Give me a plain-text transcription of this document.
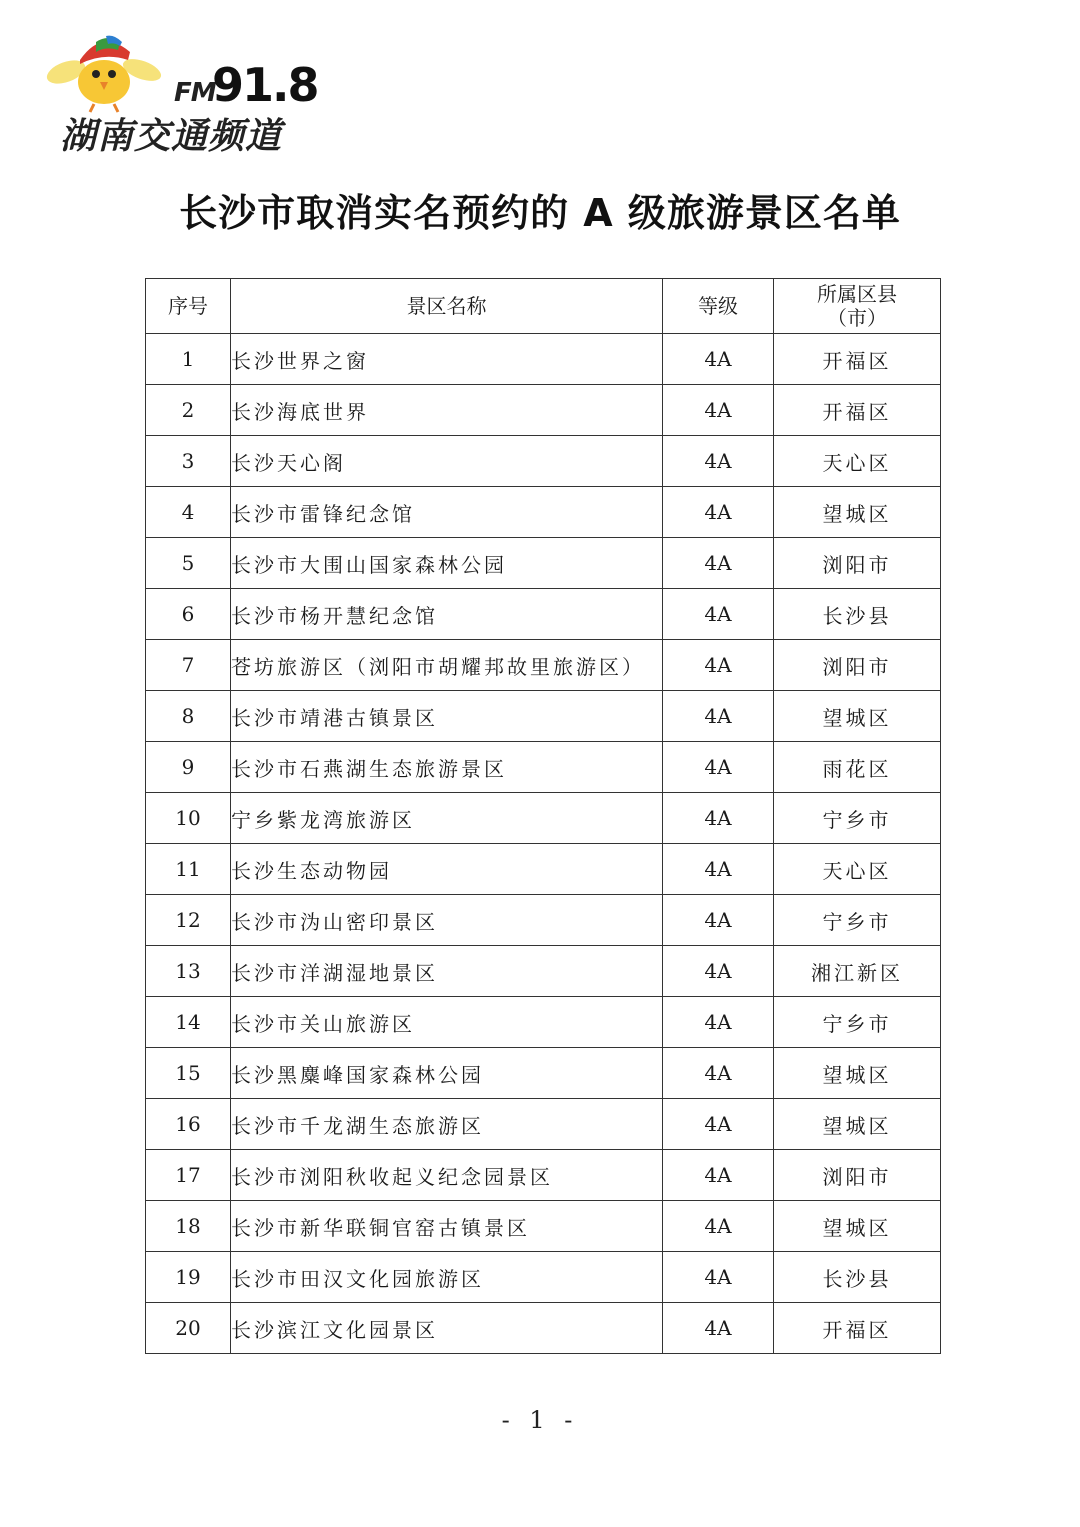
FM
91.8
湖南交通频道
长沙市取消实名预约的 A 级旅游景区名单
序号	景区名称	等级	所属区县
（市）

1	长沙世界之窗	4A	开福区
2	长沙海底世界	4A	开福区
3	长沙天心阁	4A	天心区
4	长沙市雷锋纪念馆	4A	望城区
5	长沙市大围山国家森林公园	4A	浏阳市
6	长沙市杨开慧纪念馆	4A	长沙县
7	苍坊旅游区（浏阳市胡耀邦故里旅游区）	4A	浏阳市
8	长沙市靖港古镇景区	4A	望城区
9	长沙市石燕湖生态旅游景区	4A	雨花区
10	宁乡紫龙湾旅游区	4A	宁乡市
11	长沙生态动物园	4A	天心区
12	长沙市沩山密印景区	4A	宁乡市
13	长沙市洋湖湿地景区	4A	湘江新区
14	长沙市关山旅游区	4A	宁乡市
15	长沙黑麋峰国家森林公园	4A	望城区
16	长沙市千龙湖生态旅游区	4A	望城区
17	长沙市浏阳秋收起义纪念园景区	4A	浏阳市
18	长沙市新华联铜官窑古镇景区	4A	望城区
19	长沙市田汉文化园旅游区	4A	长沙县
20	长沙滨江文化园景区	4A	开福区
- 1 -
